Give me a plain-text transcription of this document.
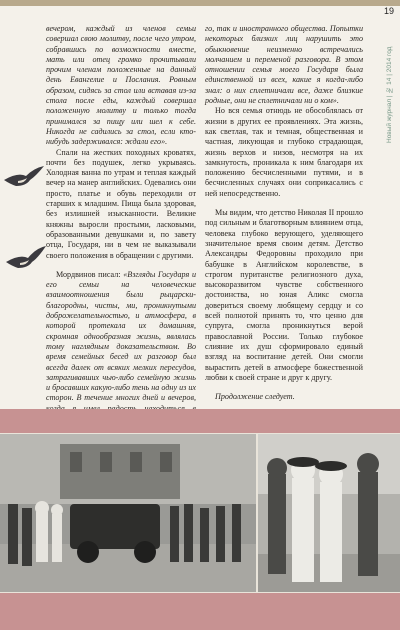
19
Новый журнал | № 14 | 2014 год

вечером, каждый из членов семьи совершал свою молитву, после чего утром, собравшись по возможности вместе, мать или отец громко прочитывали прочим членам положенные на данный день Евангелие и Послания. Ровным образом, сидясь за стол или вставая из-за стола после еды, каждый совершал положенную молитву и только тогда принимался за пищу или шел к себе. Никогда не садились за стол, если кто-нибудь задерживался: ждали его».

Спали на жестких походных кроватях, почти без подушек, легко укрываясь. Холодная ванна по утрам и теплая каждый вечер на манер английских. Одевались они просто, платье и обувь переходили от старших к младшим. Пища была здоровая, без излишней изысканности. Великие княжны выросли простыми, ласковыми, образованными девушками и, по завету отца, Государя, ни в чем не выказывали своего положения в обращении с другими.

Мордвинов писал: «Взгляды Государя и его семьи на человеческие взаимоотношения были рыцарски-благородны, чисты, ми, проникнутыми доброжелательностью, и атмосфера, в которой протекала их домашняя, скромная однообразная жизнь, являлась тому наглядным доказательством. Во время семейных бесед их разговор был всегда далек от всяких мелких пересудов, затрагивавших чью-либо семейную жизнь и бросавших какую-либо тень на одну из их сторон. В течение многих дней и вечеров,

го, так и иностранного общества. Попытки некоторых близких лиц нарушить это обыкновение неизменно встречались молчанием и переменой разговора. В этом отношении семья моего Государя была единственной из всех, какие я когда-либо знал: о них сплетничали все, даже близкие родные, они не сплетничали ни о ком».

Но вся семья отнюдь не обособлялась от жизни в других ее проявлениях. Эта жизнь, как светлая, так и темная, общественная и частная, ликующая и глубоко страдающая, жизнь верхов и низов, несмотря на их замкнутость, проникала к ним благодаря их положению бесчисленными путями, и в бесчисленных случаях они соприкасались с ней непосредственно.

Мы видим, что детство Николая II прошло под сильным и благотворным влиянием отца, человека глубоко верующего, уделяющего значительное время своим детям. Детство Александры Федоровны проходило при бабушке в Английском королевстве, в строгом пуританстве религиозного духа, высокоразвитом чувстве собственного достоинства, но юная Аликс смогла довериться своему любящему сердцу и со всей полнотой принять то, что ценно для супруга, смогла проникнуться верой православной России. Только глубокое слияние их душ сформировало единый взгляд на воспитание детей. Они смогли вырастить детей в атмосфере божественной любви к своей стране и друг к другу.

Продолжение следует.
